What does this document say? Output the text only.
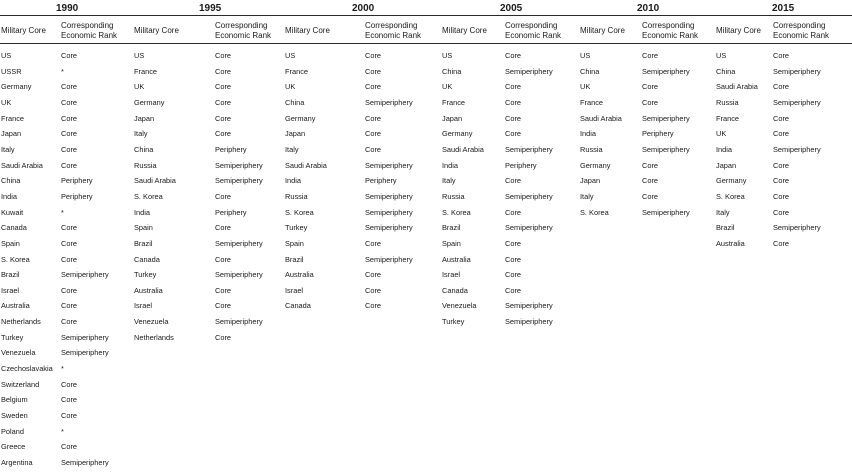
1990
Military Core
Corresponding Economic Rank
US	Core
USSR	*
Germany	Core
UK	Core
France	Core
Japan	Core
Italy	Core
Saudi Arabia Core
China	Periphery
India	Periphery
Kuwait	*
Canada	Core
Spain	Core
S. Korea	Core
Brazil	Semiperiphery
Israel	Core
Australia	Core
Netherlands	Core
Turkey	Semiperiphery
Venezuela	Semiperiphery
Czechoslavakia *
Switzerland	Core
Belgium	Core
Sweden	Core
Poland	*
Greece	Core
Argentina	Semiperiphery
1995
Military Core
Corresponding Economic Rank
US	Core
France	Core
UK	Core
Germany	Core
Japan	Core
Italy	Core
China	Periphery
Russia	Semiperiphery
Saudi Arabia	Semiperiphery
S. Korea	Core
India	Periphery
Spain	Core
Brazil	Semiperiphery
Canada	Core
Turkey	Semiperiphery
Australia	Core
Israel	Core
Venezuela	Semiperiphery
Netherlands	Core
2000
Military Core
Corresponding Economic Rank
US	Core
France	Core
UK	Core
China	Semiperiphery
Germany	Core
Japan	Core
Italy	Core
Saudi Arabia	Semiperiphery
India	Periphery
Russia	Semiperiphery
S. Korea	Semiperiphery
Turkey	Semiperiphery
Spain	Core
Brazil	Semiperiphery
Australia	Core
Israel	Core
Canada	Core
2005
Military Core
Corresponding Economic Rank
US	Core
China	Semiperiphery
UK	Core
France	Core
Japan	Core
Germany	Core
Saudi Arabia	Semiperiphery
India	Periphery
Italy	Core
Russia	Semiperiphery
S. Korea	Core
Brazil	Semiperiphery
Spain	Core
Australia	Core
Israel	Core
Canada	Core
Venezuela	Semiperiphery
Turkey	Semiperiphery
2010
Military Core
Corresponding Economic Rank
US	Core
China	Semiperiphery
UK	Core
France	Core
Saudi Arabia	Semiperiphery
India	Periphery
Russia	Semiperiphery
Germany	Core
Japan	Core
Italy	Core
S. Korea	Semiperiphery
2015
Military Core
Corresponding Economic Rank
US	Core
China	Semiperiphery
Saudi Arabia Core
Russia	Semiperiphery
France	Core
UK	Core
India	Semiperiphery
Japan	Core
Germany	Core
S. Korea	Core
Italy	Core
Brazil	Semiperiphery
Australia	Core
